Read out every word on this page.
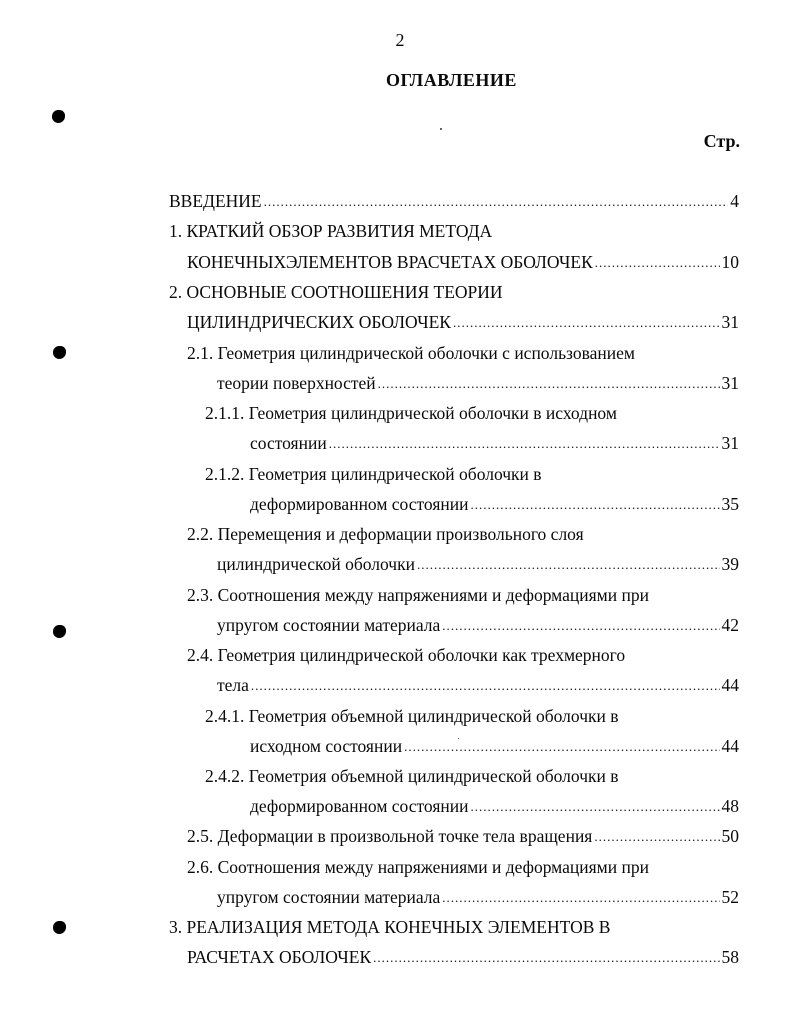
2
ОГЛАВЛЕНИЕ
Стр.
ВВЕДЕНИЕ .....	4
1. КРАТКИЙ ОБЗОР РАЗВИТИЯ МЕТОДА
КОНЕЧНЫХЭЛЕМЕНТОВ ВРАСЧЕТАХ ОБОЛОЧЕК .....	10
2. ОСНОВНЫЕ СООТНОШЕНИЯ ТЕОРИИ
ЦИЛИНДРИЧЕСКИХ ОБОЛОЧЕК .....	31
2.1. Геометрия цилиндрической оболочки с использованием
теории поверхностей .....	31
2.1.1. Геометрия цилиндрической оболочки в исходном
состоянии .....	31
2.1.2. Геометрия цилиндрической оболочки в
деформированном состоянии .....	35
2.2. Перемещения и деформации произвольного слоя
цилиндрической оболочки .....	39
2.3. Соотношения между напряжениями и деформациями при
упругом состоянии материала .....	42
2.4. Геометрия цилиндрической оболочки как трехмерного
тела .....	44
2.4.1. Геометрия объемной цилиндрической оболочки в
исходном состоянии .....	44
2.4.2. Геометрия объемной цилиндрической оболочки в
деформированном состоянии .....	48
2.5. Деформации в произвольной точке тела вращения .....	50
2.6. Соотношения между напряжениями и деформациями при
упругом состоянии материала .....	52
3. РЕАЛИЗАЦИЯ МЕТОДА КОНЕЧНЫХ ЭЛЕМЕНТОВ В
РАСЧЕТАХ ОБОЛОЧЕК .....	58
